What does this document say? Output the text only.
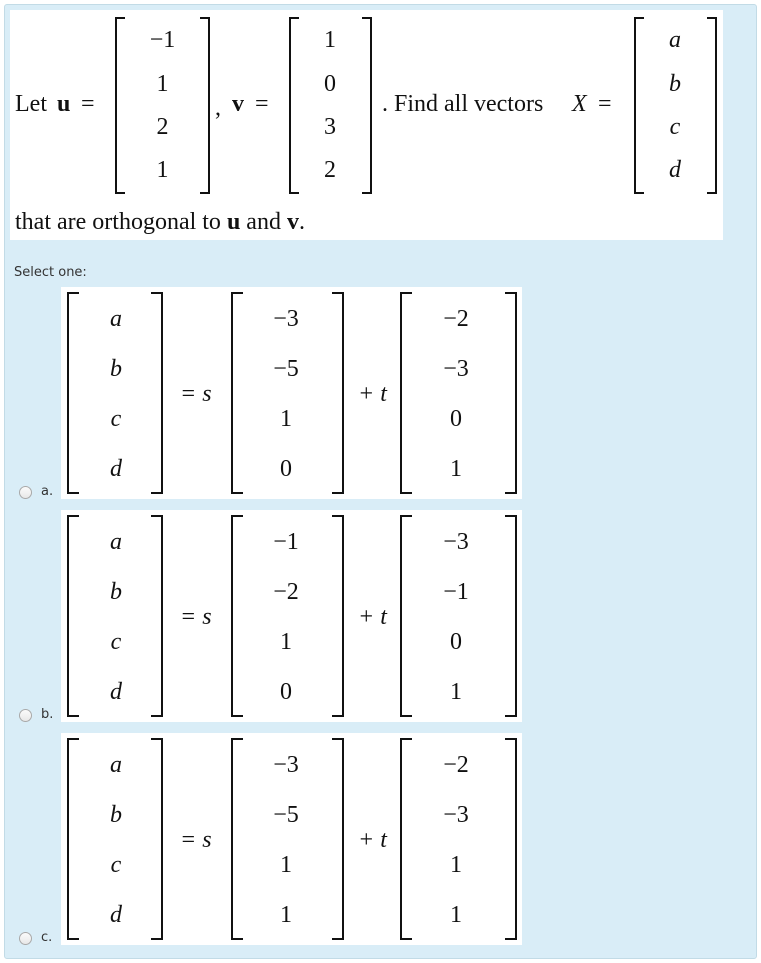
Let u =
−1
1
2
1
, v =
1
0
3
2
. Find all vectors X =
a
b
c
d
that are orthogonal to u and v.
Select one:
a
b
c
d
= s
−3
−5
1
0
+ t
−2
−3
0
1
a.
a
b
c
d
= s
−1
−2
1
0
+ t
−3
−1
0
1
b.
a
b
c
d
= s
−3
−5
1
1
+ t
−2
−3
1
1
c.
